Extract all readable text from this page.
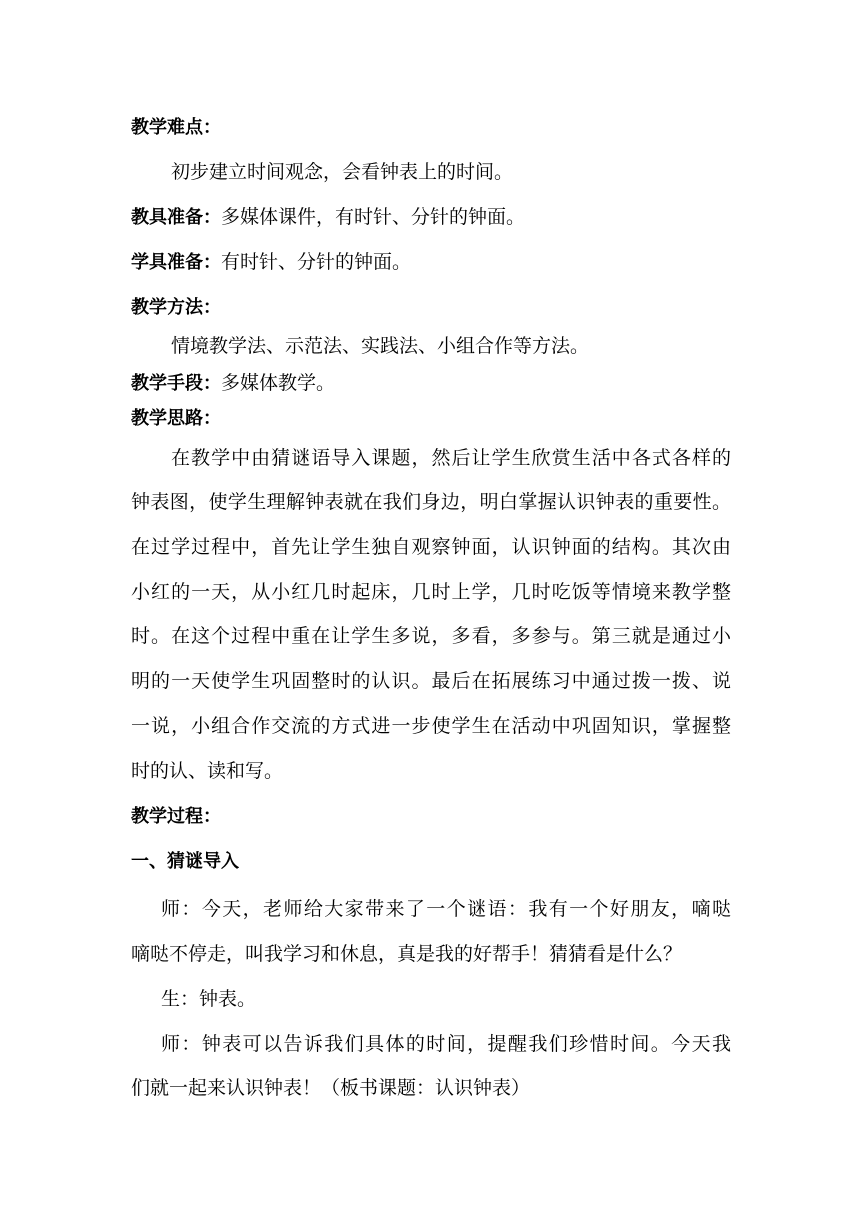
教学难点：

初步建立时间观念，会看钟表上的时间。

教具准备：多媒体课件，有时针、分针的钟面。

学具准备：有时针、分针的钟面。

教学方法：

情境教学法、示范法、实践法、小组合作等方法。

教学手段：多媒体教学。

教学思路：

在教学中由猜谜语导入课题，然后让学生欣赏生活中各式各样的

钟表图，使学生理解钟表就在我们身边，明白掌握认识钟表的重要性。

在过学过程中，首先让学生独自观察钟面，认识钟面的结构。其次由

小红的一天，从小红几时起床，几时上学，几时吃饭等情境来教学整

时。在这个过程中重在让学生多说，多看，多参与。第三就是通过小

明的一天使学生巩固整时的认识。最后在拓展练习中通过拨一拨、说

一说，小组合作交流的方式进一步使学生在活动中巩固知识，掌握整

时的认、读和写。

教学过程：

一、猜谜导入

师：今天，老师给大家带来了一个谜语：我有一个好朋友，嘀哒

嘀哒不停走，叫我学习和休息，真是我的好帮手！猜猜看是什么？

生：钟表。

师：钟表可以告诉我们具体的时间，提醒我们珍惜时间。今天我

们就一起来认识钟表！（板书课题：认识钟表）
